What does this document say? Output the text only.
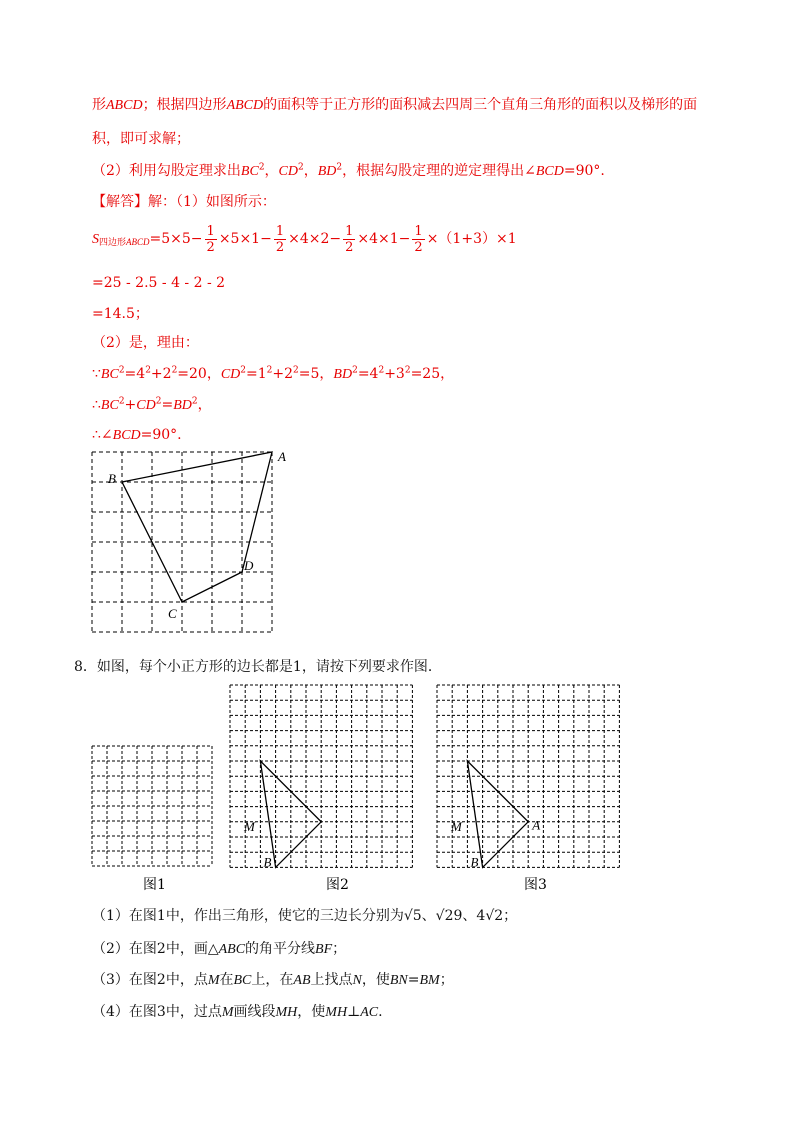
形ABCD；根据四边形ABCD的面积等于正方形的面积减去四周三个直角三角形的面积以及梯形的面
积，即可求解；
（2）利用勾股定理求出$BC^2$，$CD^2$，$BD^2$，根据勾股定理的逆定理得出∠BCD=90°.
【解答】解：（1）如图所示：
S四边形ABCD=5×5− $\frac{1}{2} \times 5\times 1- \frac{1}{2} \times 4\times 2- \frac{1}{2} \times 4\times 1- \frac{1}{2} \times(1+3)\times 1$
=25 - 2.5 - 4 - 2 - 2
=14.5；
（2）是，理由：
$\because BC^2=4^2+2^2=20$，$CD^2=1^2+2^2=5$，$BD^2=4^2+3^2=25$，
$\therefore BC^2+CD^2=BD^2$，
∴∠BCD=90°.
A
B
C
D
8．如图，每个小正方形的边长都是1，请按下列要求作图．
M
B
M
B
A
图1	图2	图3
（1）在图1中，作出三角形，使它的三边长分别为√5、√29、4√2；
（2）在图2中，画△ABC的角平分线BF；
（3）在图2中，点M在BC上，在AB上找点N，使BN=BM；
（4）在图3中，过点M画线段MH，使MH⊥AC.
